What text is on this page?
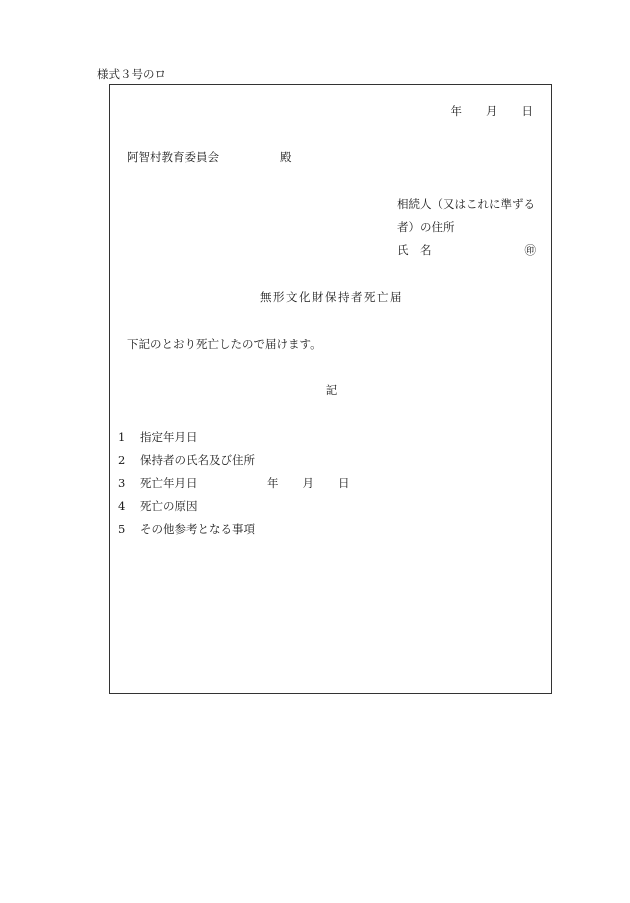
様式３号のロ
年 月 日
阿智村教育委員会	殿
相続人（又はこれに準ずる
者）の住所
氏　名	㊞
無形文化財保持者死亡届
下記のとおり死亡したので届けます。
記
1 指定年月日
2 保持者の氏名及び住所
3 死亡年月日	年 月 日
4 死亡の原因
5 その他参考となる事項
